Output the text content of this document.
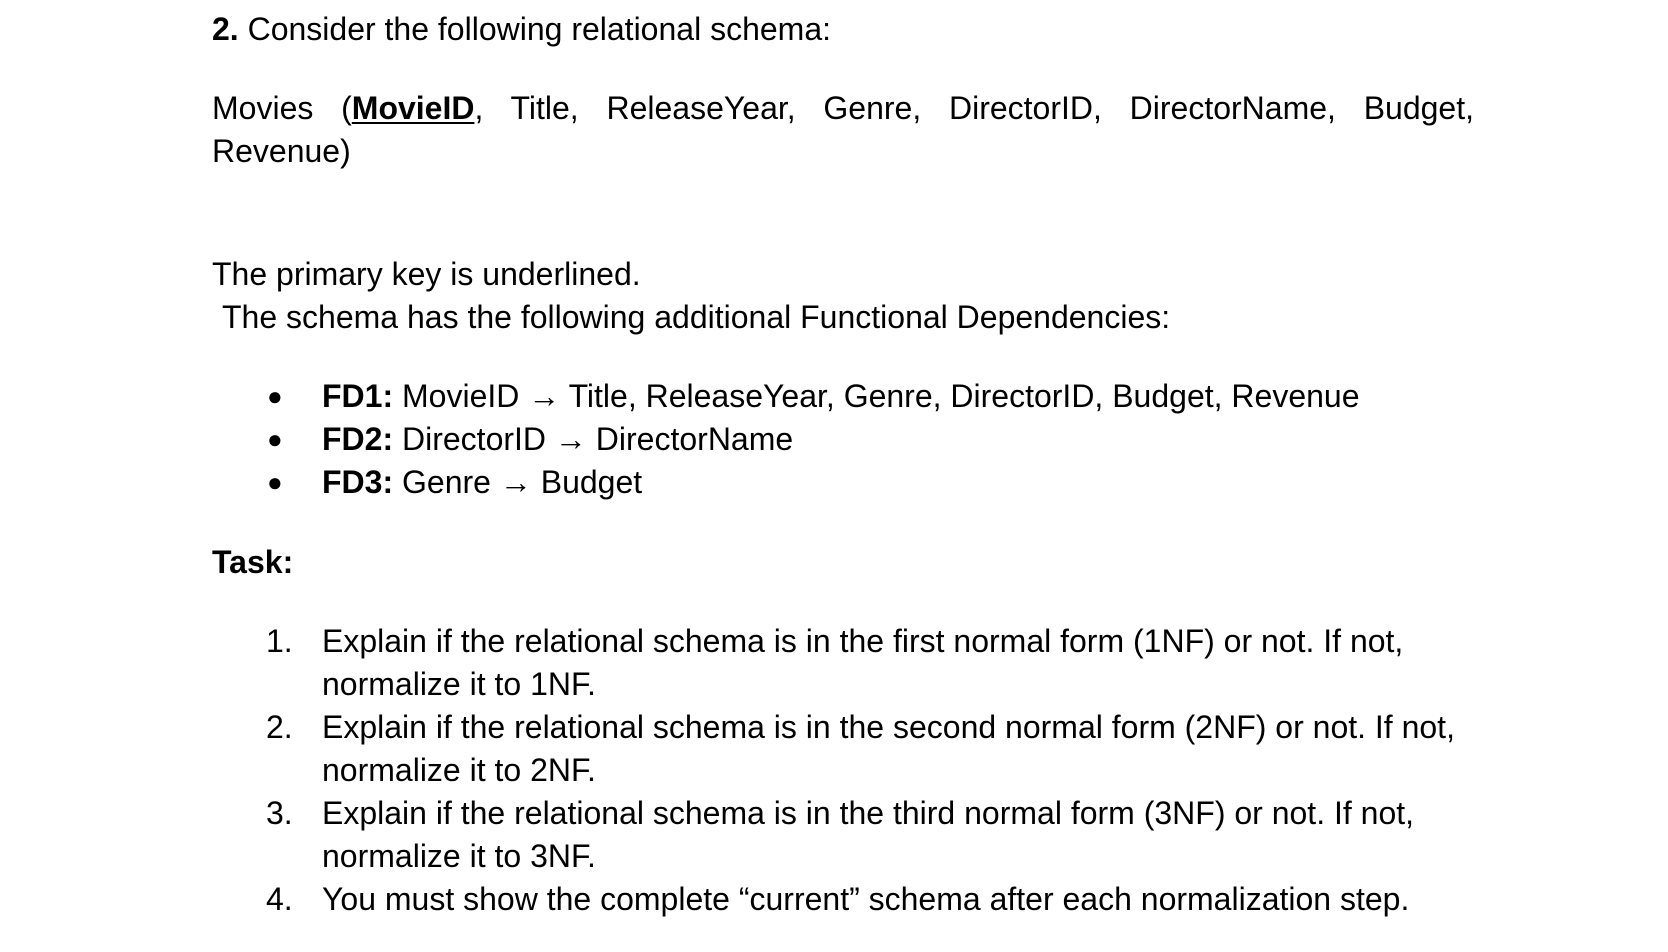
2. Consider the following relational schema:

Movies (MovieID, Title, ReleaseYear, Genre, DirectorID, DirectorName, Budget, Revenue)

The primary key is underlined.

The schema has the following additional Functional Dependencies:

● FD1: MovieID → Title, ReleaseYear, Genre, DirectorID, Budget, Revenue
● FD2: DirectorID → DirectorName
● FD3: Genre → Budget

Task:

1. Explain if the relational schema is in the first normal form (1NF) or not. If not, normalize it to 1NF.
2. Explain if the relational schema is in the second normal form (2NF) or not. If not, normalize it to 2NF.
3. Explain if the relational schema is in the third normal form (3NF) or not. If not, normalize it to 3NF.
4. You must show the complete “current” schema after each normalization step.
